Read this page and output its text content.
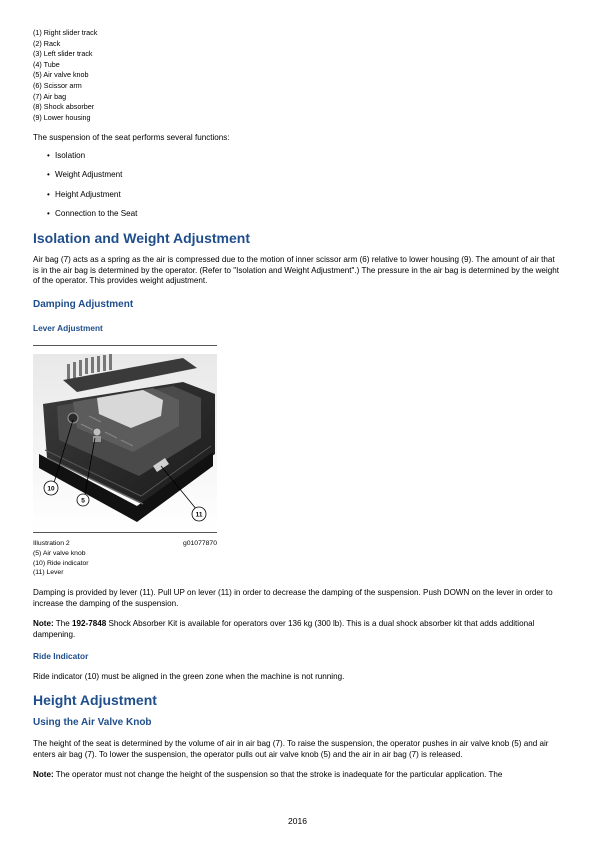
(1) Right slider track
(2) Rack
(3) Left slider track
(4) Tube
(5) Air valve knob
(6) Scissor arm
(7) Air bag
(8) Shock absorber
(9) Lower housing

The suspension of the seat performs several functions:

• Isolation
• Weight Adjustment
• Height Adjustment
• Connection to the Seat
Isolation and Weight Adjustment

Air bag (7) acts as a spring as the air is compressed due to the motion of inner scissor arm (6) relative to lower housing (9). The amount of air that is in the air bag is determined by the operator. (Refer to "Isolation and Weight Adjustment".) The pressure in the air bag is determined by the weight of the operator. This provides weight adjustment.

Damping Adjustment
Lever Adjustment
10
5
11
Illustration 2	g01077870
(5) Air valve knob
(10) Ride indicator
(11) Lever

Damping is provided by lever (11). Pull UP on lever (11) in order to decrease the damping of the suspension. Push DOWN on the lever in order to increase the damping of the suspension.

Note: The 192-7848 Shock Absorber Kit is available for operators over 136 kg (300 lb). This is a dual shock absorber kit that adds additional dampening.

Ride Indicator

Ride indicator (10) must be aligned in the green zone when the machine is not running.

Height Adjustment
Using the Air Valve Knob

The height of the seat is determined by the volume of air in air bag (7). To raise the suspension, the operator pushes in air valve knob (5) and air enters air bag (7). To lower the suspension, the operator pulls out air valve knob (5) and the air in air bag (7) is released.

Note: The operator must not change the height of the suspension so that the stroke is inadequate for the particular application. The

2016
